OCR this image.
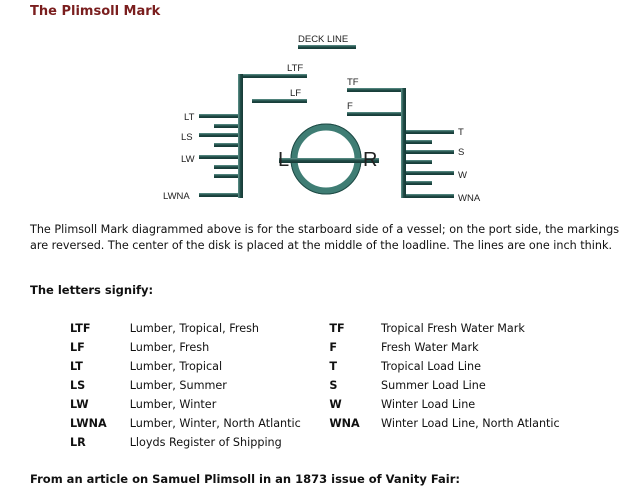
The Plimsoll Mark
DECK LINE
LTF
LF
LT
LS
LW
LWNA
L	R
TF
F
T
S
W
WNA

The Plimsoll Mark diagrammed above is for the starboard side of a vessel; on the port side, the markings are reversed. The center of the disk is placed at the middle of the loadline. The lines are one inch think.

The letters signify:

LTF	Lumber, Tropical, Fresh	TF	Tropical Fresh Water Mark
LF	Lumber, Fresh	F	Fresh Water Mark
LT	Lumber, Tropical	T	Tropical Load Line
LS	Lumber, Summer	S	Summer Load Line
LW	Lumber, Winter	W	Winter Load Line
LWNA	Lumber, Winter, North Atlantic	WNA	Winter Load Line, North Atlantic
LR	Lloyds Register of Shipping		

From an article on Samuel Plimsoll in an 1873 issue of Vanity Fair:
